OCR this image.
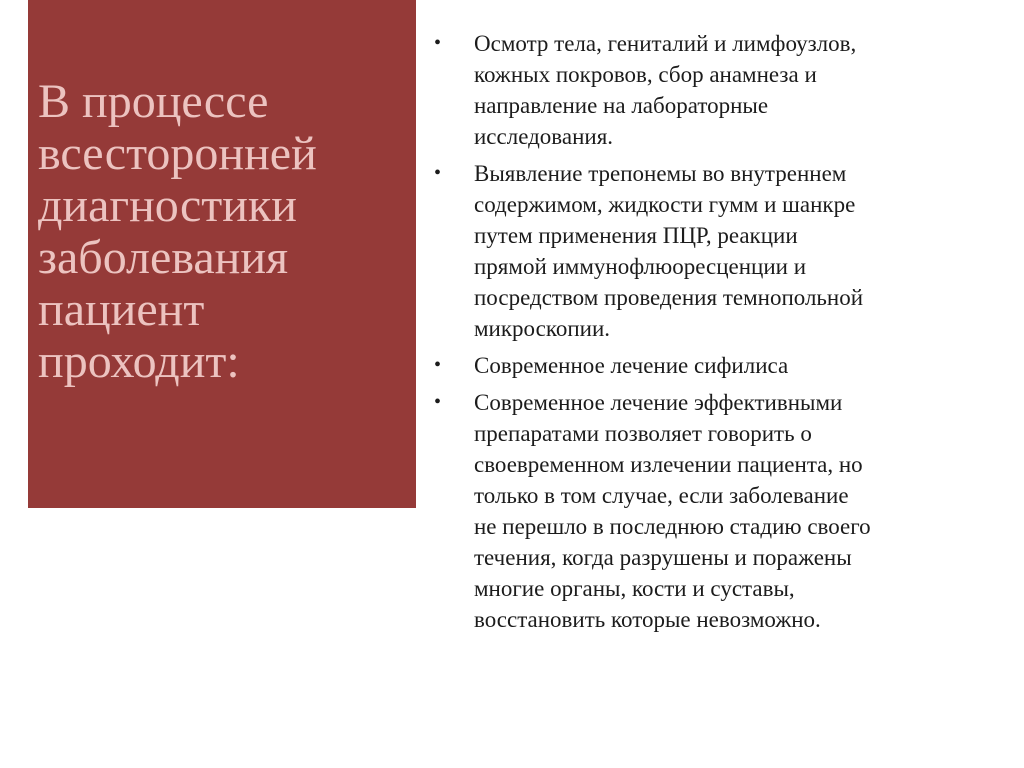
В процессе
всесторонней
диагностики
заболевания
пациент
проходит:
• Осмотр тела, гениталий и лимфоузлов,
кожных покровов, сбор анамнеза и
направление на лабораторные
исследования.
• Выявление трепонемы во внутреннем
содержимом, жидкости гумм и шанкре
путем применения ПЦР, реакции
прямой иммунофлюоресценции и
посредством проведения темнопольной
микроскопии.
• Современное лечение сифилиса
• Современное лечение эффективными
препаратами позволяет говорить о
своевременном излечении пациента, но
только в том случае, если заболевание
не перешло в последнюю стадию своего
течения, когда разрушены и поражены
многие органы, кости и суставы,
восстановить которые невозможно.
